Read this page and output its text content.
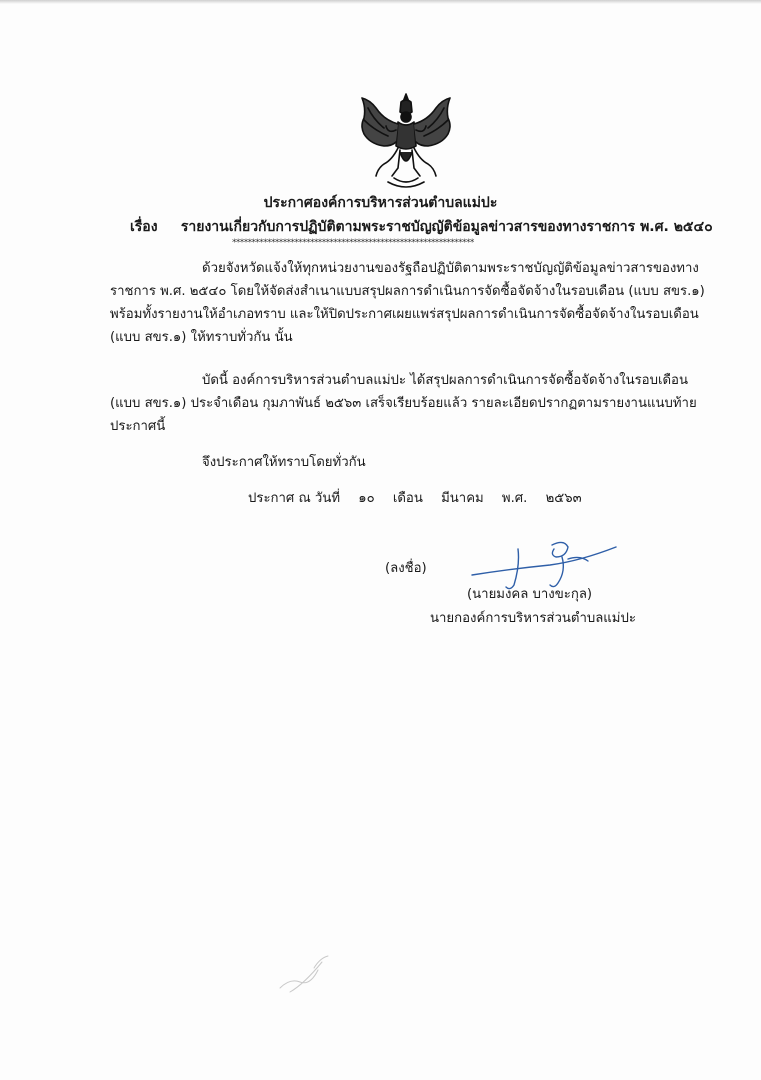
ประกาศองค์การบริหารส่วนตำบลแม่ปะ
เรื่อง รายงานเกี่ยวกับการปฏิบัติตามพระราชบัญญัติข้อมูลข่าวสารของทางราชการ พ.ศ. ๒๕๔๐
**************************************************************
ด้วยจังหวัดแจ้งให้ทุกหน่วยงานของรัฐถือปฏิบัติตามพระราชบัญญัติข้อมูลข่าวสารของทาง
ราชการ พ.ศ. ๒๕๔๐ โดยให้จัดส่งสำเนาแบบสรุปผลการดำเนินการจัดซื้อจัดจ้างในรอบเดือน (แบบ สขร.๑)
พร้อมทั้งรายงานให้อำเภอทราบ และให้ปิดประกาศเผยแพร่สรุปผลการดำเนินการจัดซื้อจัดจ้างในรอบเดือน
(แบบ สขร.๑) ให้ทราบทั่วกัน นั้น
บัดนี้ องค์การบริหารส่วนตำบลแม่ปะ ได้สรุปผลการดำเนินการจัดซื้อจัดจ้างในรอบเดือน
(แบบ สขร.๑) ประจำเดือน กุมภาพันธ์ ๒๕๖๓ เสร็จเรียบร้อยแล้ว รายละเอียดปรากฏตามรายงานแนบท้าย
ประกาศนี้
จึงประกาศให้ทราบโดยทั่วกัน
ประกาศ ณ วันที่ ๑๐ เดือน มีนาคม พ.ศ. ๒๕๖๓
(ลงชื่อ)
(นายมงคล บางขะกุล)
นายกองค์การบริหารส่วนตำบลแม่ปะ
